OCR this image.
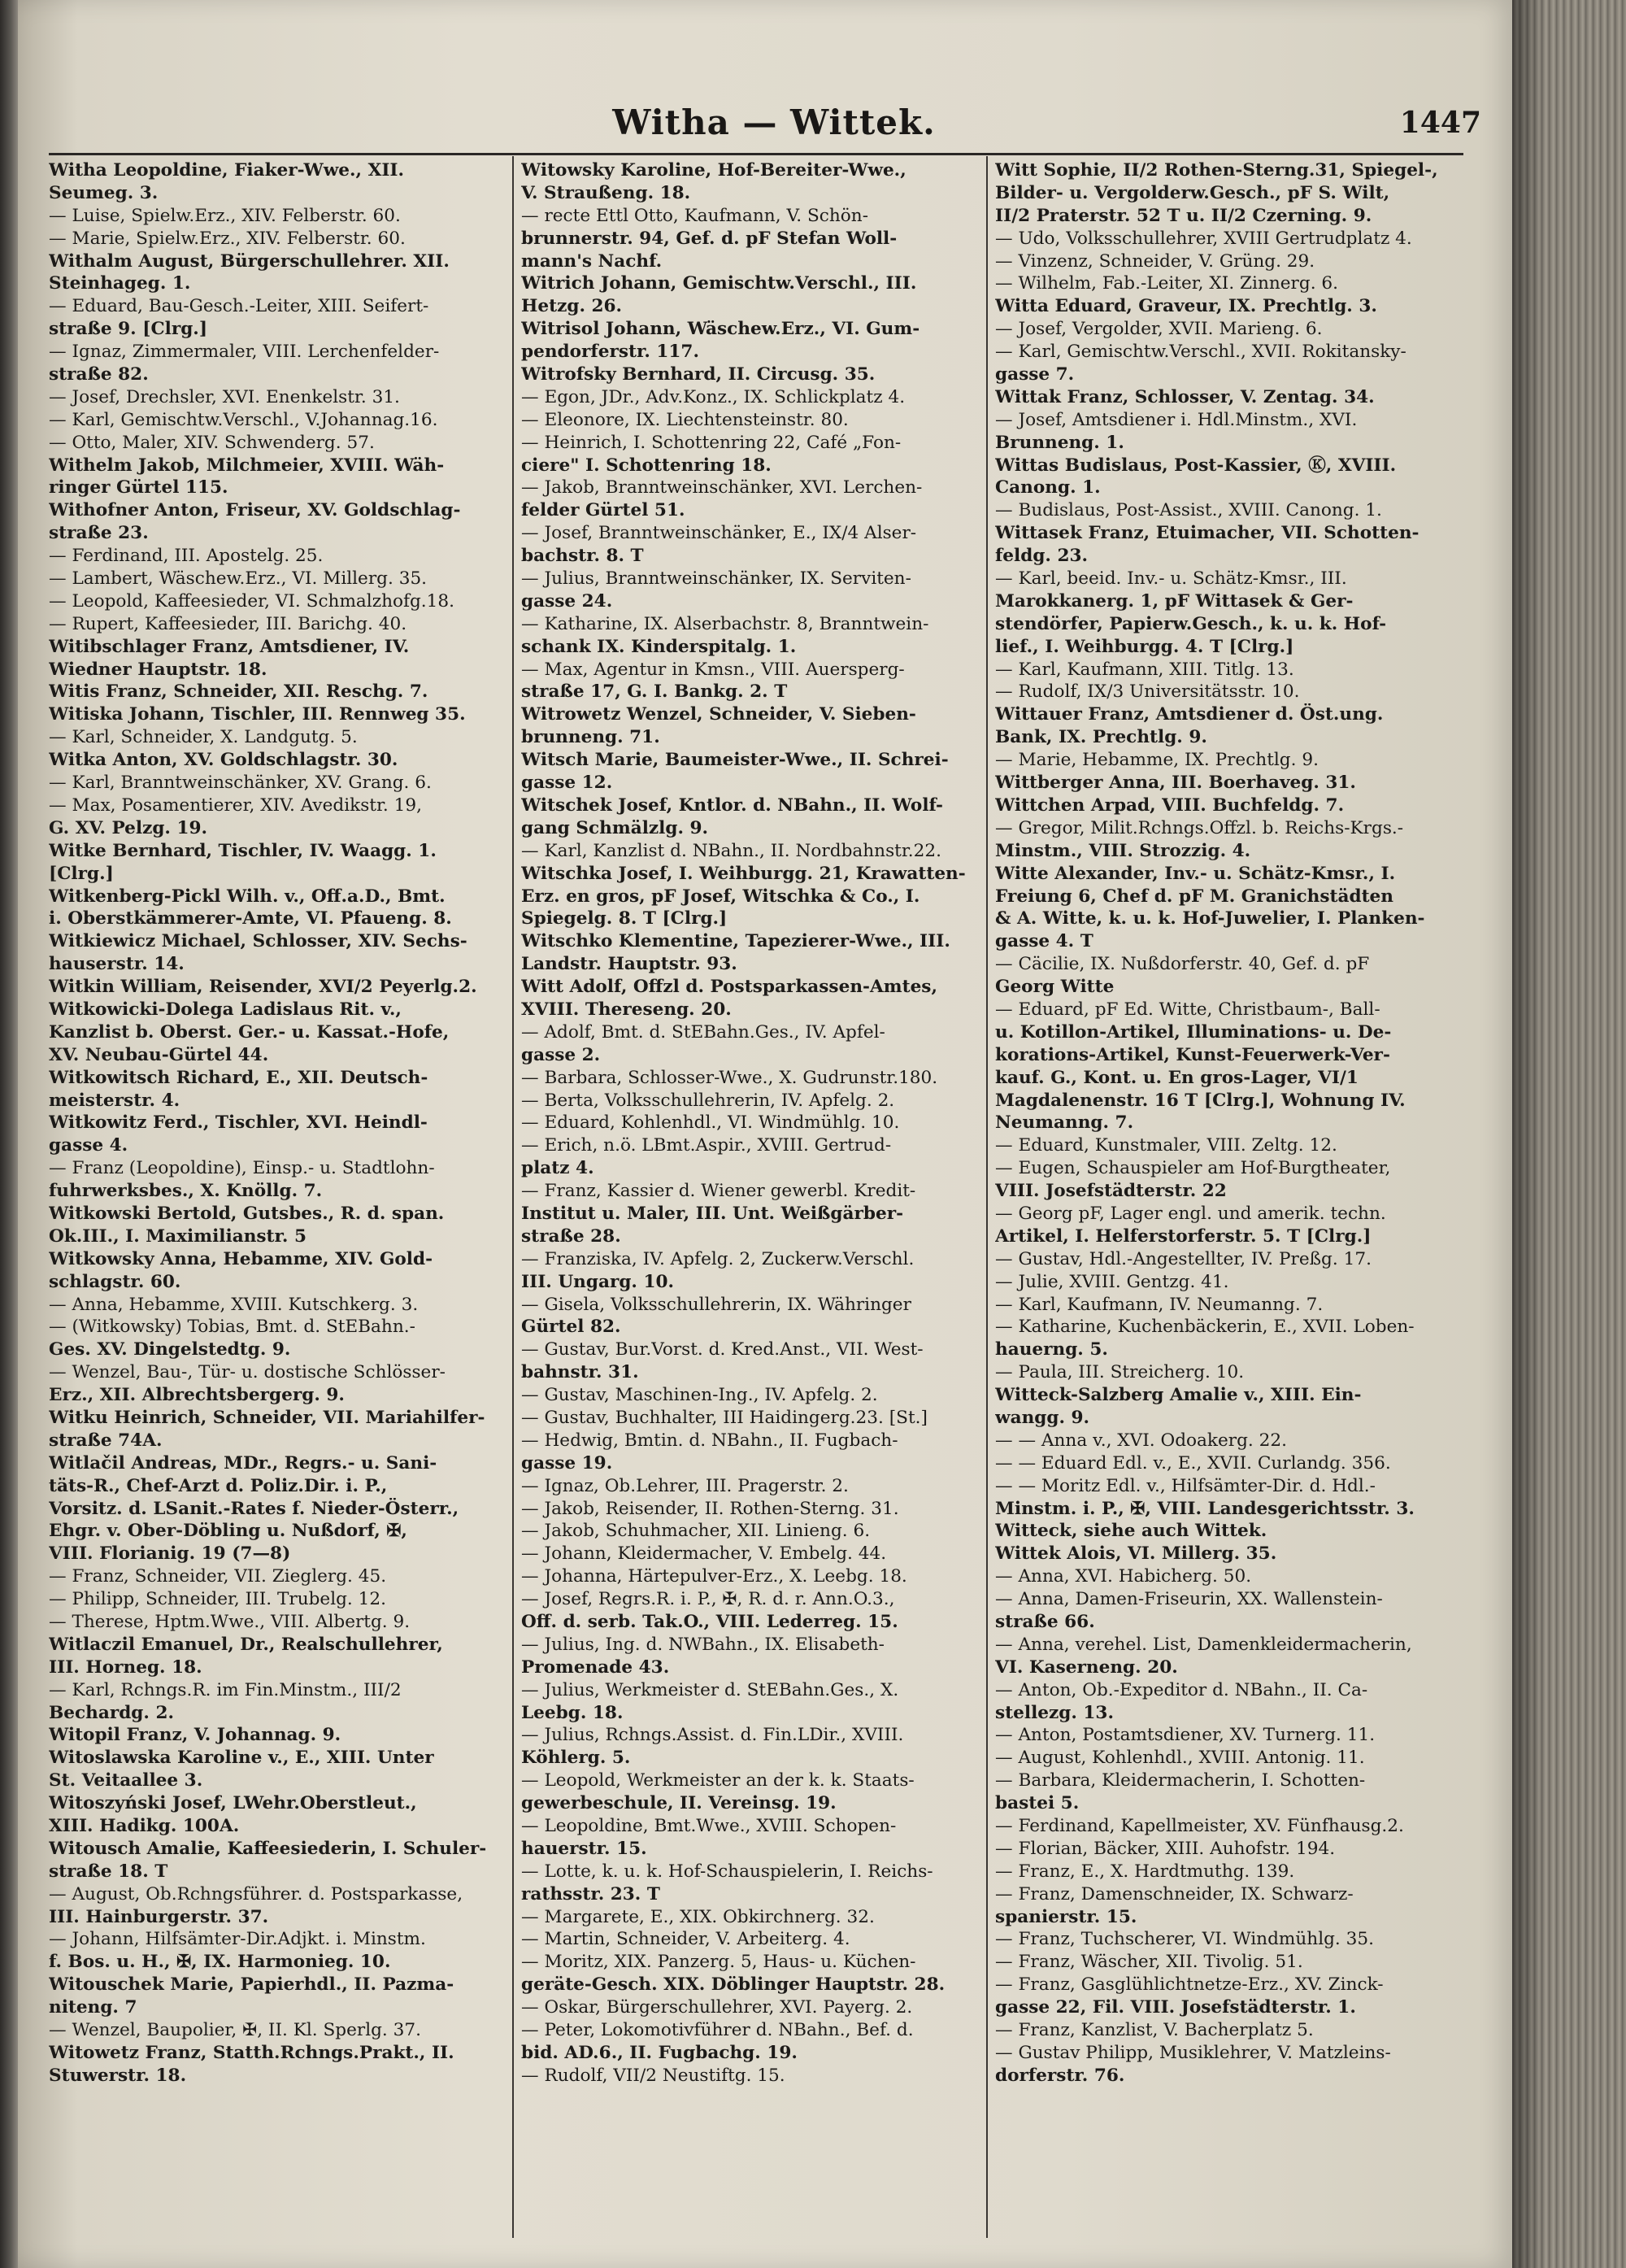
Witha — Wittek.	1447
Witha Leopoldine, Fiaker-Wwe., XII.
Seumeg. 3.
— Luise, Spielw.Erz., XIV. Felberstr. 60.
— Marie, Spielw.Erz., XIV. Felberstr. 60.
Withalm August, Bürgerschullehrer. XII.
Steinhageg. 1.
— Eduard, Bau-Gesch.-Leiter, XIII. Seifert-
straße 9. [Clrg.]
— Ignaz, Zimmermaler, VIII. Lerchenfelder-
straße 82.
— Josef, Drechsler, XVI. Enenkelstr. 31.
— Karl, Gemischtw.Verschl., V.Johannag.16.
— Otto, Maler, XIV. Schwenderg. 57.
Withelm Jakob, Milchmeier, XVIII. Wäh-
ringer Gürtel 115.
Withofner Anton, Friseur, XV. Goldschlag-
straße 23.
— Ferdinand, III. Apostelg. 25.
— Lambert, Wäschew.Erz., VI. Millerg. 35.
— Leopold, Kaffeesieder, VI. Schmalzhofg.18.
— Rupert, Kaffeesieder, III. Barichg. 40.
Witibschlager Franz, Amtsdiener, IV.
Wiedner Hauptstr. 18.
Witis Franz, Schneider, XII. Reschg. 7.
Witiska Johann, Tischler, III. Rennweg 35.
— Karl, Schneider, X. Landgutg. 5.
Witka Anton, XV. Goldschlagstr. 30.
— Karl, Branntweinschänker, XV. Grang. 6.
— Max, Posamentierer, XIV. Avedikstr. 19,
G. XV. Pelzg. 19.
Witke Bernhard, Tischler, IV. Waagg. 1.
[Clrg.]
Witkenberg-Pickl Wilh. v., Off.a.D., Bmt.
i. Oberstkämmerer-Amte, VI. Pfaueng. 8.
Witkiewicz Michael, Schlosser, XIV. Sechs-
hauserstr. 14.
Witkin William, Reisender, XVI/2 Peyerlg.2.
Witkowicki-Dolega Ladislaus Rit. v.,
Kanzlist b. Oberst. Ger.- u. Kassat.-Hofe,
XV. Neubau-Gürtel 44.
Witkowitsch Richard, E., XII. Deutsch-
meisterstr. 4.
Witkowitz Ferd., Tischler, XVI. Heindl-
gasse 4.
— Franz (Leopoldine), Einsp.- u. Stadtlohn-
fuhrwerksbes., X. Knöllg. 7.
Witkowski Bertold, Gutsbes., R. d. span.
Ok.III., I. Maximilianstr. 5
Witkowsky Anna, Hebamme, XIV. Gold-
schlagstr. 60.
— Anna, Hebamme, XVIII. Kutschkerg. 3.
— (Witkowsky) Tobias, Bmt. d. StEBahn.-
Ges. XV. Dingelstedtg. 9.
— Wenzel, Bau-, Tür- u. dostische Schlösser-
Erz., XII. Albrechtsbergerg. 9.
Witku Heinrich, Schneider, VII. Mariahilfer-
straße 74A.
Witlačil Andreas, MDr., Regrs.- u. Sani-
täts-R., Chef-Arzt d. Poliz.Dir. i. P.,
Vorsitz. d. LSanit.-Rates f. Nieder-Österr.,
Ehgr. v. Ober-Döbling u. Nußdorf, ✠,
VIII. Florianig. 19 (7—8)
— Franz, Schneider, VII. Zieglerg. 45.
— Philipp, Schneider, III. Trubelg. 12.
— Therese, Hptm.Wwe., VIII. Albertg. 9.
Witlaczil Emanuel, Dr., Realschullehrer,
III. Horneg. 18.
— Karl, Rchngs.R. im Fin.Minstm., III/2
Bechardg. 2.
Witopil Franz, V. Johannag. 9.
Witoslawska Karoline v., E., XIII. Unter
St. Veitaallee 3.
Witoszyński Josef, LWehr.Oberstleut.,
XIII. Hadikg. 100A.
Witousch Amalie, Kaffeesiederin, I. Schuler-
straße 18. T
— August, Ob.Rchngsführer. d. Postsparkasse,
III. Hainburgerstr. 37.
— Johann, Hilfsämter-Dir.Adjkt. i. Minstm.
f. Bos. u. H., ✠, IX. Harmonieg. 10.
Witouschek Marie, Papierhdl., II. Pazma-
niteng. 7
— Wenzel, Baupolier, ✠, II. Kl. Sperlg. 37.
Witowetz Franz, Statth.Rchngs.Prakt., II.
Stuwerstr. 18.
Witowsky Karoline, Hof-Bereiter-Wwe.,
V. Straußeng. 18.
— recte Ettl Otto, Kaufmann, V. Schön-
brunnerstr. 94, Gef. d. pF Stefan Woll-
mann's Nachf.
Witrich Johann, Gemischtw.Verschl., III.
Hetzg. 26.
Witrisol Johann, Wäschew.Erz., VI. Gum-
pendorferstr. 117.
Witrofsky Bernhard, II. Circusg. 35.
— Egon, JDr., Adv.Konz., IX. Schlickplatz 4.
— Eleonore, IX. Liechtensteinstr. 80.
— Heinrich, I. Schottenring 22, Café „Fon-
ciere" I. Schottenring 18.
— Jakob, Branntweinschänker, XVI. Lerchen-
felder Gürtel 51.
— Josef, Branntweinschänker, E., IX/4 Alser-
bachstr. 8. T
— Julius, Branntweinschänker, IX. Serviten-
gasse 24.
— Katharine, IX. Alserbachstr. 8, Branntwein-
schank IX. Kinderspitalg. 1.
— Max, Agentur in Kmsn., VIII. Auersperg-
straße 17, G. I. Bankg. 2. T
Witrowetz Wenzel, Schneider, V. Sieben-
brunneng. 71.
Witsch Marie, Baumeister-Wwe., II. Schrei-
gasse 12.
Witschek Josef, Kntlor. d. NBahn., II. Wolf-
gang Schmälzlg. 9.
— Karl, Kanzlist d. NBahn., II. Nordbahnstr.22.
Witschka Josef, I. Weihburgg. 21, Krawatten-
Erz. en gros, pF Josef, Witschka & Co., I.
Spiegelg. 8. T [Clrg.]
Witschko Klementine, Tapezierer-Wwe., III.
Landstr. Hauptstr. 93.
Witt Adolf, Offzl d. Postsparkassen-Amtes,
XVIII. Thereseng. 20.
— Adolf, Bmt. d. StEBahn.Ges., IV. Apfel-
gasse 2.
— Barbara, Schlosser-Wwe., X. Gudrunstr.180.
— Berta, Volksschullehrerin, IV. Apfelg. 2.
— Eduard, Kohlenhdl., VI. Windmühlg. 10.
— Erich, n.ö. LBmt.Aspir., XVIII. Gertrud-
platz 4.
— Franz, Kassier d. Wiener gewerbl. Kredit-
Institut u. Maler, III. Unt. Weißgärber-
straße 28.
— Franziska, IV. Apfelg. 2, Zuckerw.Verschl.
III. Ungarg. 10.
— Gisela, Volksschullehrerin, IX. Währinger
Gürtel 82.
— Gustav, Bur.Vorst. d. Kred.Anst., VII. West-
bahnstr. 31.
— Gustav, Maschinen-Ing., IV. Apfelg. 2.
— Gustav, Buchhalter, III Haidingerg.23. [St.]
— Hedwig, Bmtin. d. NBahn., II. Fugbach-
gasse 19.
— Ignaz, Ob.Lehrer, III. Pragerstr. 2.
— Jakob, Reisender, II. Rothen-Sterng. 31.
— Jakob, Schuhmacher, XII. Linieng. 6.
— Johann, Kleidermacher, V. Embelg. 44.
— Johanna, Härtepulver-Erz., X. Leebg. 18.
— Josef, Regrs.R. i. P., ✠, R. d. r. Ann.O.3.,
Off. d. serb. Tak.O., VIII. Lederreg. 15.
— Julius, Ing. d. NWBahn., IX. Elisabeth-
Promenade 43.
— Julius, Werkmeister d. StEBahn.Ges., X.
Leebg. 18.
— Julius, Rchngs.Assist. d. Fin.LDir., XVIII.
Köhlerg. 5.
— Leopold, Werkmeister an der k. k. Staats-
gewerbeschule, II. Vereinsg. 19.
— Leopoldine, Bmt.Wwe., XVIII. Schopen-
hauerstr. 15.
— Lotte, k. u. k. Hof-Schauspielerin, I. Reichs-
rathsstr. 23. T
— Margarete, E., XIX. Obkirchnerg. 32.
— Martin, Schneider, V. Arbeiterg. 4.
— Moritz, XIX. Panzerg. 5, Haus- u. Küchen-
geräte-Gesch. XIX. Döblinger Hauptstr. 28.
— Oskar, Bürgerschullehrer, XVI. Payerg. 2.
— Peter, Lokomotivführer d. NBahn., Bef. d.
bid. AD.6., II. Fugbachg. 19.
— Rudolf, VII/2 Neustiftg. 15.
Witt Sophie, II/2 Rothen-Sterng.31, Spiegel-,
Bilder- u. Vergolderw.Gesch., pF S. Wilt,
II/2 Praterstr. 52 T u. II/2 Czerning. 9.
— Udo, Volksschullehrer, XVIII Gertrudplatz 4.
— Vinzenz, Schneider, V. Grüng. 29.
— Wilhelm, Fab.-Leiter, XI. Zinnerg. 6.
Witta Eduard, Graveur, IX. Prechtlg. 3.
— Josef, Vergolder, XVII. Marieng. 6.
— Karl, Gemischtw.Verschl., XVII. Rokitansky-
gasse 7.
Wittak Franz, Schlosser, V. Zentag. 34.
— Josef, Amtsdiener i. Hdl.Minstm., XVI.
Brunneng. 1.
Wittas Budislaus, Post-Kassier, Ⓚ, XVIII.
Canong. 1.
— Budislaus, Post-Assist., XVIII. Canong. 1.
Wittasek Franz, Etuimacher, VII. Schotten-
feldg. 23.
— Karl, beeid. Inv.- u. Schätz-Kmsr., III.
Marokkanerg. 1, pF Wittasek & Ger-
stendörfer, Papierw.Gesch., k. u. k. Hof-
lief., I. Weihburgg. 4. T [Clrg.]
— Karl, Kaufmann, XIII. Titlg. 13.
— Rudolf, IX/3 Universitätsstr. 10.
Wittauer Franz, Amtsdiener d. Öst.ung.
Bank, IX. Prechtlg. 9.
— Marie, Hebamme, IX. Prechtlg. 9.
Wittberger Anna, III. Boerhaveg. 31.
Wittchen Arpad, VIII. Buchfeldg. 7.
— Gregor, Milit.Rchngs.Offzl. b. Reichs-Krgs.-
Minstm., VIII. Strozzig. 4.
Witte Alexander, Inv.- u. Schätz-Kmsr., I.
Freiung 6, Chef d. pF M. Granichstädten
& A. Witte, k. u. k. Hof-Juwelier, I. Planken-
gasse 4. T
— Cäcilie, IX. Nußdorferstr. 40, Gef. d. pF
Georg Witte
— Eduard, pF Ed. Witte, Christbaum-, Ball-
u. Kotillon-Artikel, Illuminations- u. De-
korations-Artikel, Kunst-Feuerwerk-Ver-
kauf. G., Kont. u. En gros-Lager, VI/1
Magdalenenstr. 16 T [Clrg.], Wohnung IV.
Neumanng. 7.
— Eduard, Kunstmaler, VIII. Zeltg. 12.
— Eugen, Schauspieler am Hof-Burgtheater,
VIII. Josefstädterstr. 22
— Georg pF, Lager engl. und amerik. techn.
Artikel, I. Helferstorferstr. 5. T [Clrg.]
— Gustav, Hdl.-Angestellter, IV. Preßg. 17.
— Julie, XVIII. Gentzg. 41.
— Karl, Kaufmann, IV. Neumanng. 7.
— Katharine, Kuchenbäckerin, E., XVII. Loben-
hauerng. 5.
— Paula, III. Streicherg. 10.
Witteck-Salzberg Amalie v., XIII. Ein-
wangg. 9.
— — Anna v., XVI. Odoakerg. 22.
— — Eduard Edl. v., E., XVII. Curlandg. 356.
— — Moritz Edl. v., Hilfsämter-Dir. d. Hdl.-
Minstm. i. P., ✠, VIII. Landesgerichtsstr. 3.
Witteck, siehe auch Wittek.
Wittek Alois, VI. Millerg. 35.
— Anna, XVI. Habicherg. 50.
— Anna, Damen-Friseurin, XX. Wallenstein-
straße 66.
— Anna, verehel. List, Damenkleidermacherin,
VI. Kaserneng. 20.
— Anton, Ob.-Expeditor d. NBahn., II. Ca-
stellezg. 13.
— Anton, Postamtsdiener, XV. Turnerg. 11.
— August, Kohlenhdl., XVIII. Antonig. 11.
— Barbara, Kleidermacherin, I. Schotten-
bastei 5.
— Ferdinand, Kapellmeister, XV. Fünfhausg.2.
— Florian, Bäcker, XIII. Auhofstr. 194.
— Franz, E., X. Hardtmuthg. 139.
— Franz, Damenschneider, IX. Schwarz-
spanierstr. 15.
— Franz, Tuchscherer, VI. Windmühlg. 35.
— Franz, Wäscher, XII. Tivolig. 51.
— Franz, Gasglühlichtnetze-Erz., XV. Zinck-
gasse 22, Fil. VIII. Josefstädterstr. 1.
— Franz, Kanzlist, V. Bacherplatz 5.
— Gustav Philipp, Musiklehrer, V. Matzleins-
dorferstr. 76.
